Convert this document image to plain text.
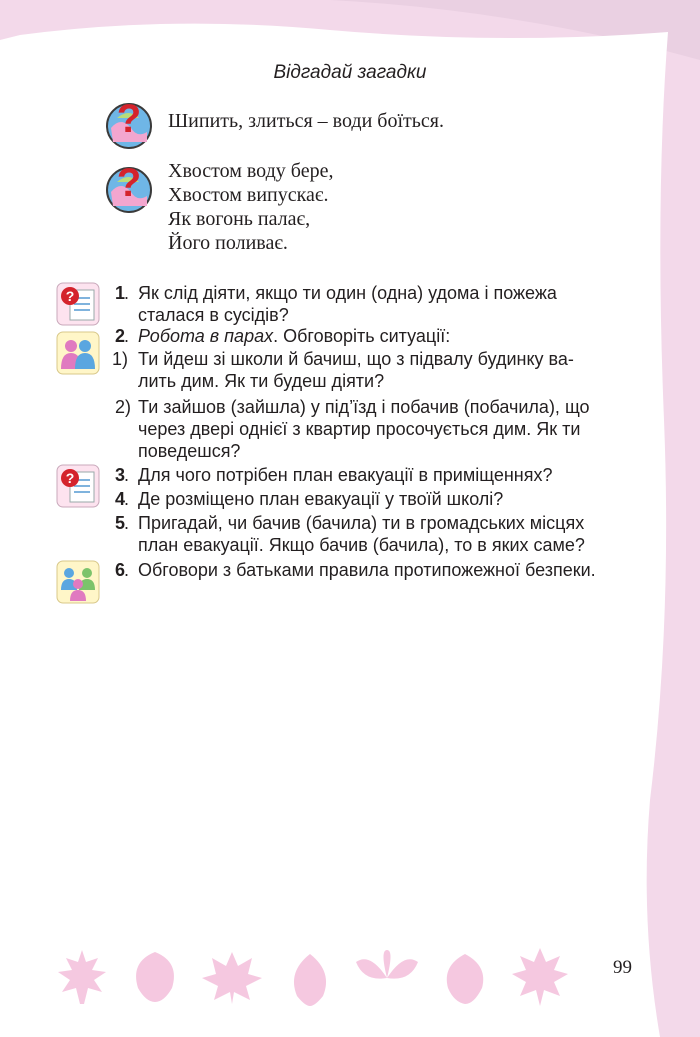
Відгадай загадки
?
?
Шипить, злиться – води боїться.
Хвостом воду бере,
Хвостом випускає.
Як вогонь палає,
Його поливає.
?
?
1
. Як слід діяти, якщо ти один (одна) удома і пожежа
сталася в сусідів?
2
. Робота в парах. Обговоріть ситуації:
1) Ти йдеш зі школи й бачиш, що з підвалу будинку ва-
лить дим. Як ти будеш діяти?
2) Ти зайшов (зайшла) у під’їзд і побачив (побачила), що
через двері однієї з квартир просочується дим. Як ти
поведешся?
3
. Для чого потрібен план евакуації в приміщеннях?
4
. Де розміщено план евакуації у твоїй школі?
5
. Пригадай, чи бачив (бачила) ти в громадських місцях
план евакуації. Якщо бачив (бачила), то в яких саме?
6
. Обговори з батьками правила протипожежної безпеки.
99
